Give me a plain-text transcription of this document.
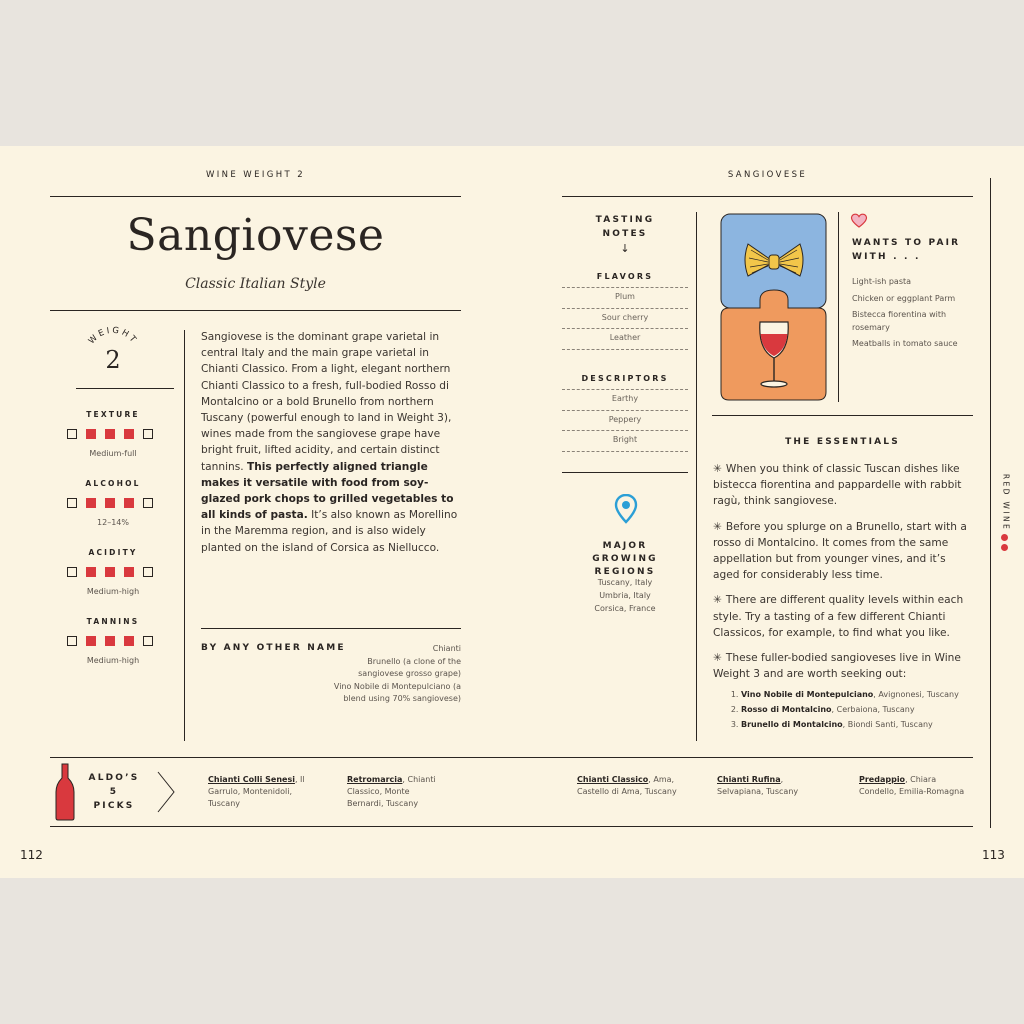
WINE WEIGHT 2
Sangiovese
Classic Italian Style
WEIGHT
2
TEXTURE
Medium-full
ALCOHOL
12–14%
ACIDITY
Medium-high
TANNINS
Medium-high
Sangiovese is the dominant grape varietal in central Italy and the main grape varietal in Chianti Classico. From a light, elegant northern Chianti Classico to a fresh, full-bodied Rosso di Montalcino or a bold Brunello from northern Tuscany (powerful enough to land in Weight 3), wines made from the sangiovese grape have bright fruit, lifted acidity, and certain distinct tannins. This perfectly aligned triangle makes it versatile with food from soy-glazed pork chops to grilled vegetables to all kinds of pasta. It’s also known as Morellino in the Maremma region, and is also widely planted on the island of Corsica as Niellucco.
BY ANY OTHER NAME	Chianti
Brunello (a clone of the sangiovese grosso grape)
Vino Nobile di Montepulciano (a blend using 70% sangiovese)
SANGIOVESE
TASTING NOTES
↓
FLAVORS
DESCRIPTORS
MAJOR GROWING REGIONS
Tuscany, Italy
Umbria, Italy
Corsica, France
WANTS TO PAIR WITH . . .
Light-ish pasta
Chicken or eggplant Parm
Bistecca fiorentina with rosemary
Meatballs in tomato sauce
THE ESSENTIALS

✳ When you think of classic Tuscan dishes like bistecca fiorentina and pappardelle with rabbit ragù, think sangiovese.

✳ Before you splurge on a Brunello, start with a rosso di Montalcino. It comes from the same appellation but from younger vines, and it’s aged for considerably less time.

✳ There are different quality levels within each style. Try a tasting of a few different Chianti Classicos, for example, to find what you like.

✳ These fuller-bodied sangioveses live in Wine Weight 3 and are worth seeking out:

1. Vino Nobile di Montepulciano, Avignonesi, Tuscany
2. Rosso di Montalcino, Cerbaiona, Tuscany
3. Brunello di Montalcino, Biondi Santi, Tuscany
RED WINE
ALDO’S
5
PICKS
Chianti Colli Senesi, Il Garrulo, Montenidoli, Tuscany
Retromarcia, Chianti Classico, Monte Bernardi, Tuscany
Chianti Classico, Ama, Castello di Ama, Tuscany
Chianti Rufina, Selvapiana, Tuscany
Predappio, Chiara Condello, Emilia-Romagna
112	113
Plum
Sour cherry
Leather
Earthy
Peppery
Bright
